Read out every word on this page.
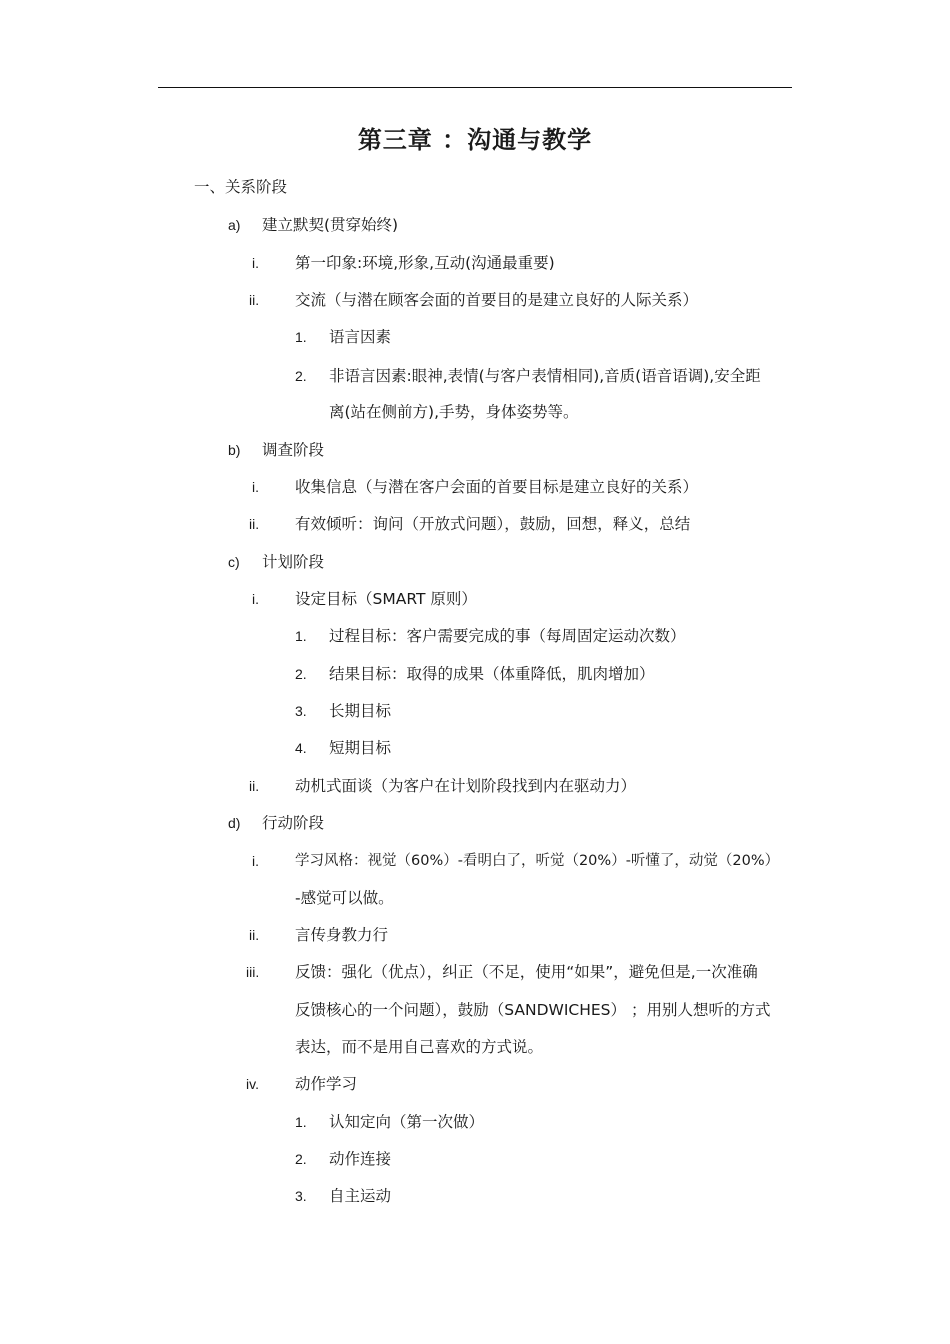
第三章 ：沟通与教学
一、关系阶段
a) 建立默契(贯穿始终)
i. 第一印象:环境,形象,互动(沟通最重要)
ii. 交流（与潜在顾客会面的首要目的是建立良好的人际关系）
1. 语言因素
2. 非语言因素:眼神,表情(与客户表情相同),音质(语音语调),安全距
离(站在侧前方),手势，身体姿势等。
b) 调查阶段
i. 收集信息（与潜在客户会面的首要目标是建立良好的关系）
ii. 有效倾听：询问（开放式问题），鼓励，回想，释义，总结
c) 计划阶段
i. 设定目标（SMART 原则）
1. 过程目标：客户需要完成的事（每周固定运动次数）
2. 结果目标：取得的成果（体重降低，肌肉增加）
3. 长期目标
4. 短期目标
ii. 动机式面谈（为客户在计划阶段找到内在驱动力）
d) 行动阶段
i. 学习风格：视觉（60%）-看明白了，听觉（20%）-听懂了，动觉（20%）
-感觉可以做。
ii. 言传身教力行
iii. 反馈：强化（优点），纠正（不足，使用“如果”，避免但是,一次准确
反馈核心的一个问题），鼓励（SANDWICHES） ；用别人想听的方式
表达，而不是用自己喜欢的方式说。
iv. 动作学习
1. 认知定向（第一次做）
2. 动作连接
3. 自主运动
